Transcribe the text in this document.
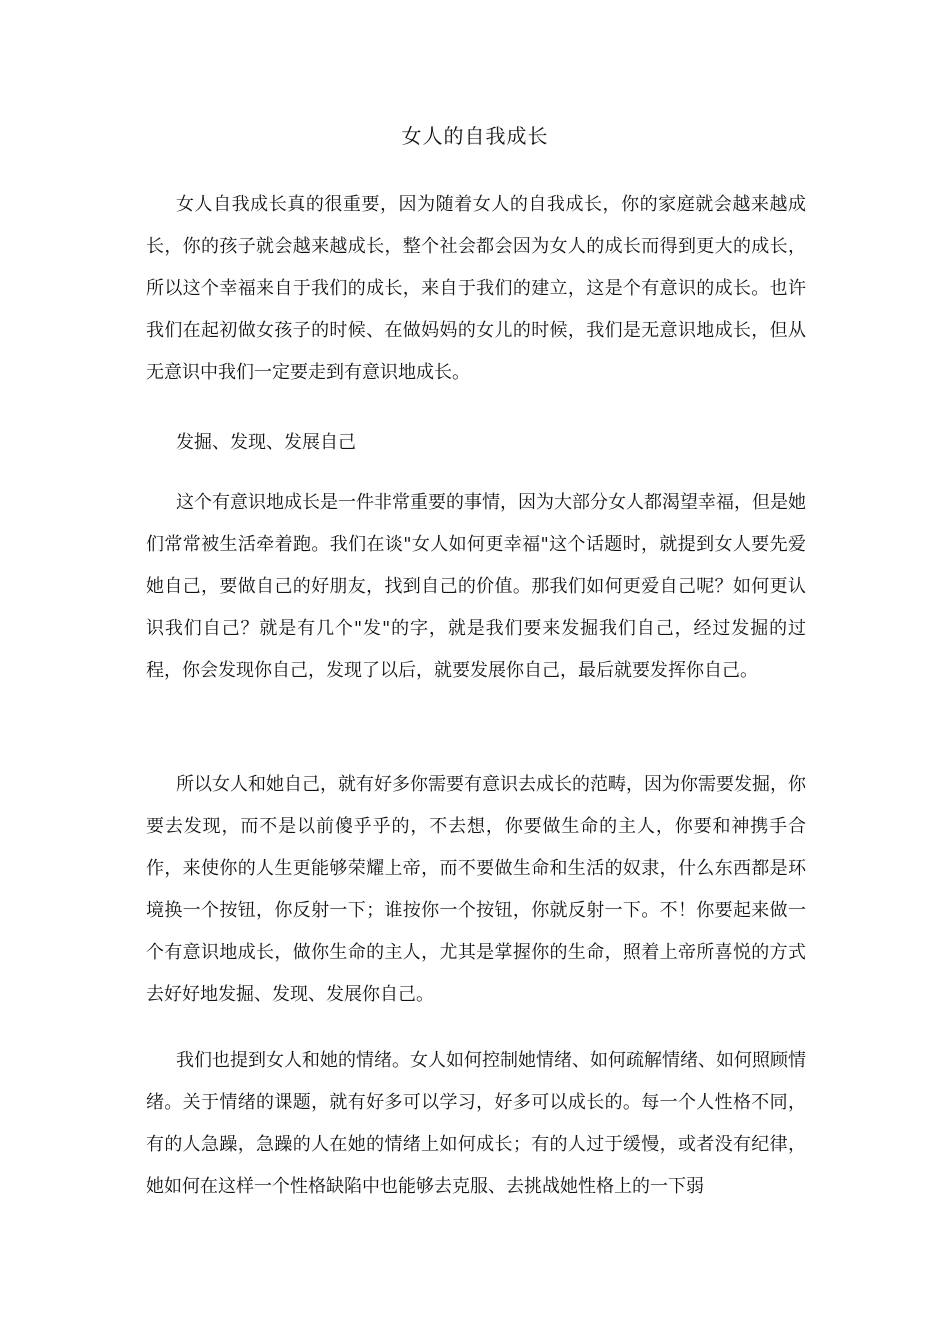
女人的自我成长

女人自我成长真的很重要，因为随着女人的自我成长，你的家庭就会越来越成长，你的孩子就会越来越成长，整个社会都会因为女人的成长而得到更大的成长，所以这个幸福来自于我们的成长，来自于我们的建立，这是个有意识的成长。也许我们在起初做女孩子的时候、在做妈妈的女儿的时候，我们是无意识地成长，但从无意识中我们一定要走到有意识地成长。

发掘、发现、发展自己

这个有意识地成长是一件非常重要的事情，因为大部分女人都渴望幸福，但是她们常常被生活牵着跑。我们在谈"女人如何更幸福"这个话题时，就提到女人要先爱她自己，要做自己的好朋友，找到自己的价值。那我们如何更爱自己呢？如何更认识我们自己？就是有几个"发"的字，就是我们要来发掘我们自己，经过发掘的过程，你会发现你自己，发现了以后，就要发展你自己，最后就要发挥你自己。

所以女人和她自己，就有好多你需要有意识去成长的范畴，因为你需要发掘，你要去发现，而不是以前傻乎乎的，不去想，你要做生命的主人，你要和神携手合作，来使你的人生更能够荣耀上帝，而不要做生命和生活的奴隶，什么东西都是环境换一个按钮，你反射一下；谁按你一个按钮，你就反射一下。不！你要起来做一个有意识地成长，做你生命的主人，尤其是掌握你的生命，照着上帝所喜悦的方式去好好地发掘、发现、发展你自己。

我们也提到女人和她的情绪。女人如何控制她情绪、如何疏解情绪、如何照顾情绪。关于情绪的课题，就有好多可以学习，好多可以成长的。每一个人性格不同，有的人急躁，急躁的人在她的情绪上如何成长；有的人过于缓慢，或者没有纪律，她如何在这样一个性格缺陷中也能够去克服、去挑战她性格上的一下弱
